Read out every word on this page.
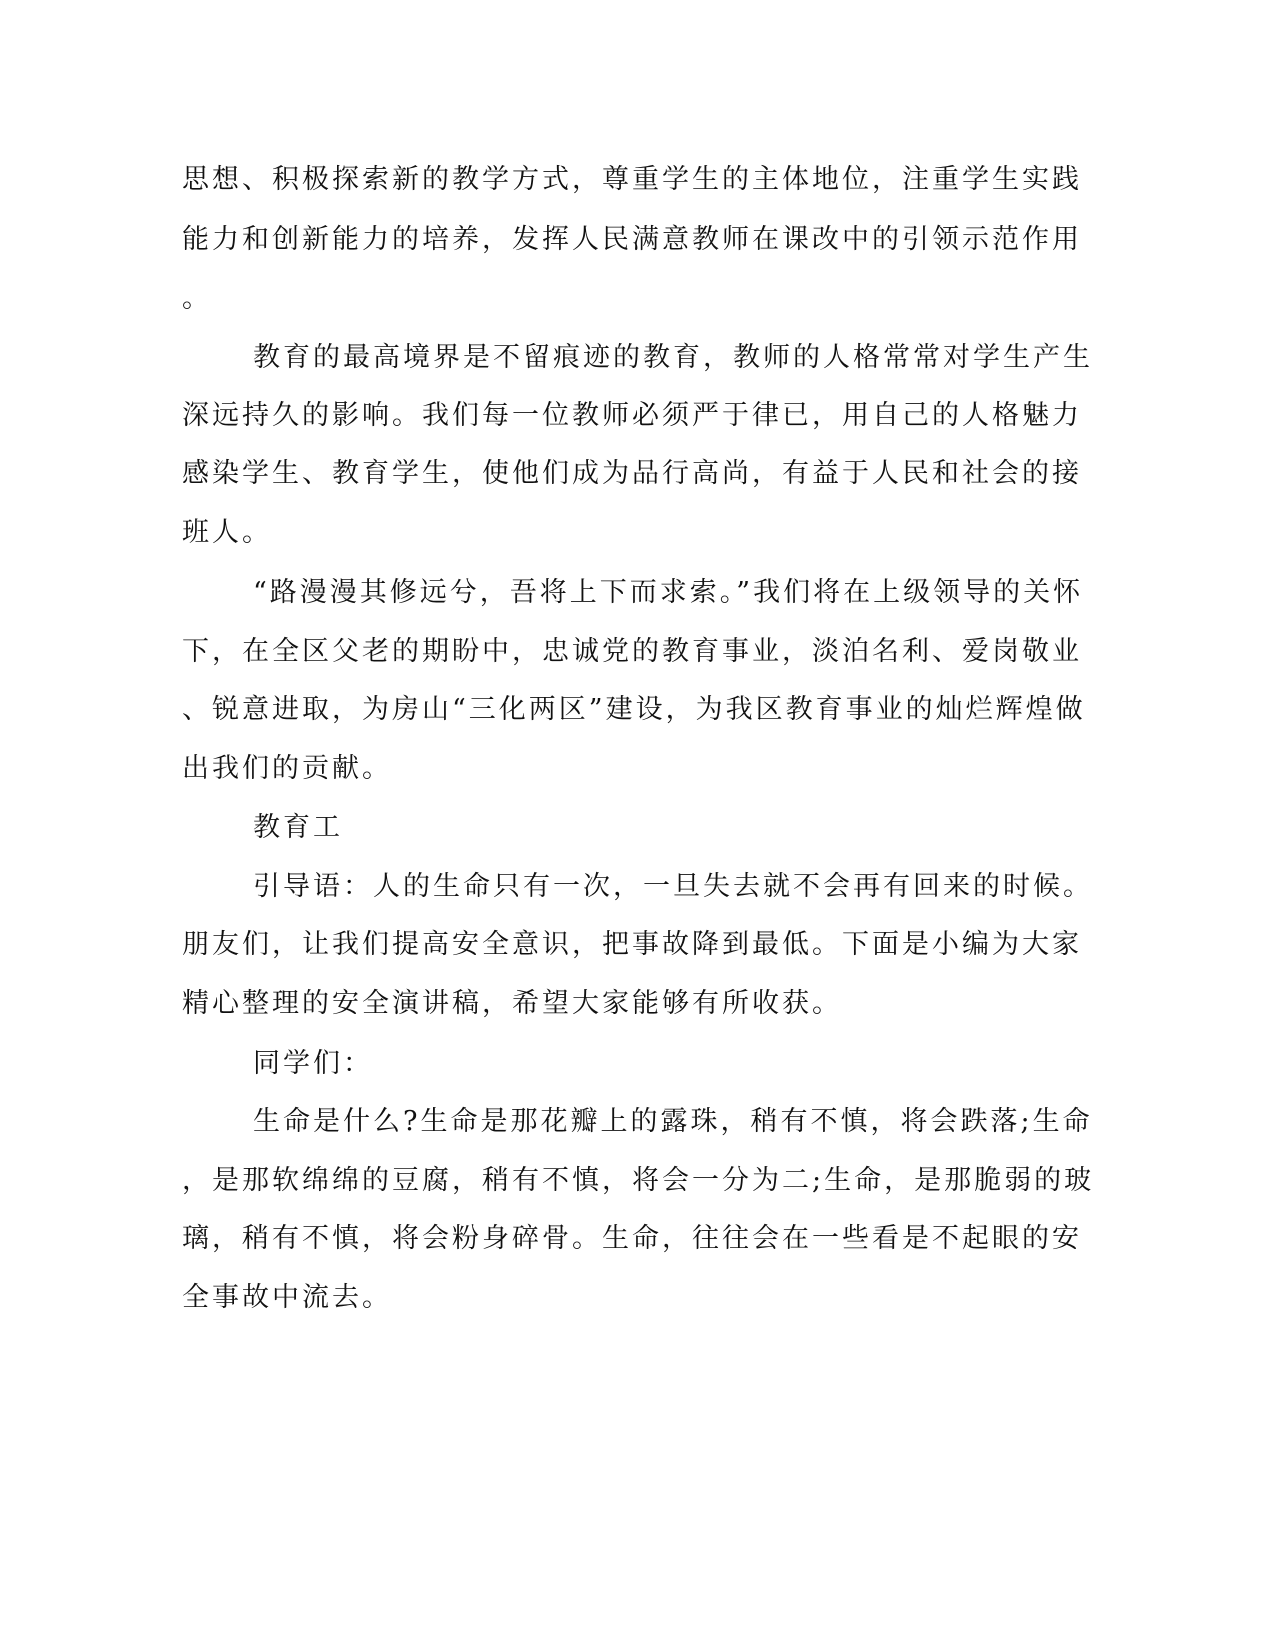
思想、积极探索新的教学方式，尊重学生的主体地位，注重学生实践

能力和创新能力的培养，发挥人民满意教师在课改中的引领示范作用

。

教育的最高境界是不留痕迹的教育，教师的人格常常对学生产生

深远持久的影响。我们每一位教师必须严于律已，用自己的人格魅力

感染学生、教育学生，使他们成为品行高尚，有益于人民和社会的接

班人。

“路漫漫其修远兮，吾将上下而求索。”我们将在上级领导的关怀

下，在全区父老的期盼中，忠诚党的教育事业，淡泊名利、爱岗敬业

、锐意进取，为房山“三化两区”建设，为我区教育事业的灿烂辉煌做

出我们的贡献。

教育工

引导语：人的生命只有一次，一旦失去就不会再有回来的时候。

朋友们，让我们提高安全意识，把事故降到最低。下面是小编为大家

精心整理的安全演讲稿，希望大家能够有所收获。

同学们：

生命是什么?生命是那花瓣上的露珠，稍有不慎，将会跌落;生命

，是那软绵绵的豆腐，稍有不慎，将会一分为二;生命，是那脆弱的玻

璃，稍有不慎，将会粉身碎骨。生命，往往会在一些看是不起眼的安

全事故中流去。
